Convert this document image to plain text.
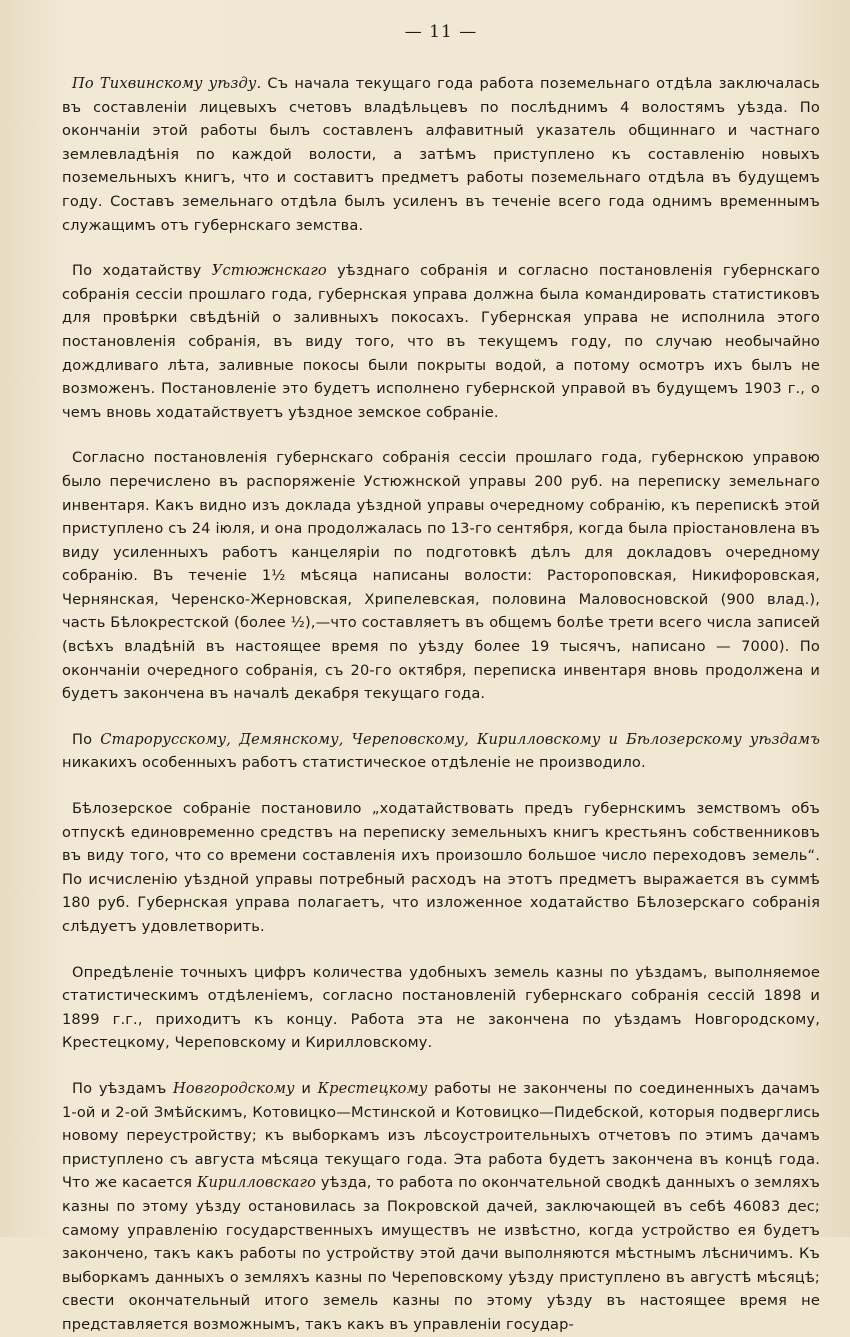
— 11 —

По Тихвинскому уѣзду. Съ начала текущаго года работа поземельнаго отдѣла заключалась въ составленіи лицевыхъ счетовъ владѣльцевъ по послѣднимъ 4 волостямъ уѣзда. По окончаніи этой работы былъ составленъ алфавитный указатель общиннаго и частнаго землевладѣнія по каждой волости, а затѣмъ приступлено къ составленію новыхъ поземельныхъ книгъ, что и составитъ предметъ работы поземельнаго отдѣла въ будущемъ году. Составъ земельнаго отдѣла былъ усиленъ въ теченіе всего года однимъ временнымъ служащимъ отъ губернскаго земства.

По ходатайству Устюжнскаго уѣзднаго собранія и согласно постановленія губернскаго собранія сессіи прошлаго года, губернская управа должна была командировать статистиковъ для провѣрки свѣдѣній о заливныхъ покосахъ. Губернская управа не исполнила этого постановленія собранія, въ виду того, что въ текущемъ году, по случаю необычайно дождливаго лѣта, заливные покосы были покрыты водой, а потому осмотръ ихъ былъ не возможенъ. Постановленіе это будетъ исполнено губернской управой въ будущемъ 1903 г., о чемъ вновь ходатайствуетъ уѣздное земское собраніе.

Согласно постановленія губернскаго собранія сессіи прошлаго года, губернскою управою было перечислено въ распоряженіе Устюжнской управы 200 руб. на переписку земельнаго инвентаря. Какъ видно изъ доклада уѣздной управы очередному собранію, къ перепискѣ этой приступлено съ 24 іюля, и она продолжалась по 13-го сентября, когда была пріостановлена въ виду усиленныхъ работъ канцеляріи по подготовкѣ дѣлъ для докладовъ очередному собранію. Въ теченіе 1½ мѣсяца написаны волости: Растороповская, Никифоровская, Чернянская, Черенско-Жерновская, Хрипелевская, половина Маловосновской (900 влад.), часть Бѣлокрестской (более ½),—что составляетъ въ общемъ болѣе трети всего числа записей (всѣхъ владѣній въ настоящее время по уѣзду более 19 тысячъ, написано — 7000). По окончаніи очередного собранія, съ 20-го октября, переписка инвентаря вновь продолжена и будетъ закончена въ началѣ декабря текущаго года.

По Старорусскому, Демянскому, Череповскому, Кирилловскому и Бѣлозерскому уѣздамъ никакихъ особенныхъ работъ статистическое отдѣленіе не производило.

Бѣлозерское собраніе постановило „ходатайствовать предъ губернскимъ земствомъ объ отпускѣ единовременно средствъ на переписку земельныхъ книгъ крестьянъ собственниковъ въ виду того, что со времени составленія ихъ произошло большое число переходовъ земель“. По исчисленію уѣздной управы потребный расходъ на этотъ предметъ выражается въ суммѣ 180 руб. Губернская управа полагаетъ, что изложенное ходатайство Бѣлозерскаго собранія слѣдуетъ удовлетворить.

Опредѣленіе точныхъ цифръ количества удобныхъ земель казны по уѣздамъ, выполняемое статистическимъ отдѣленіемъ, согласно постановленій губернскаго собранія сессій 1898 и 1899 г.г., приходитъ къ концу. Работа эта не закончена по уѣздамъ Новгородскому, Крестецкому, Череповскому и Кирилловскому.

По уѣздамъ Новгородскому и Крестецкому работы не закончены по соединенныхъ дачамъ 1-ой и 2-ой Змѣйскимъ, Котовицко—Мстинской и Котовицко—Пидебской, которыя подверглись новому переустройству; къ выборкамъ изъ лѣсоустроительныхъ отчетовъ по этимъ дачамъ приступлено съ августа мѣсяца текущаго года. Эта работа будетъ закончена въ концѣ года. Что же касается Кирилловскаго уѣзда, то работа по окончательной сводкѣ данныхъ о земляхъ казны по этому уѣзду остановилась за Покровской дачей, заключающей въ себѣ 46083 дес; самому управленію государственныхъ имуществъ не извѣстно, когда устройство ея будетъ закончено, такъ какъ работы по устройству этой дачи выполняются мѣстнымъ лѣсничимъ. Къ выборкамъ данныхъ о земляхъ казны по Череповскому уѣзду приступлено въ августѣ мѣсяцѣ; свести окончательный итого земель казны по этому уѣзду въ настоящее время не представляется возможнымъ, такъ какъ въ управленіи государ-
